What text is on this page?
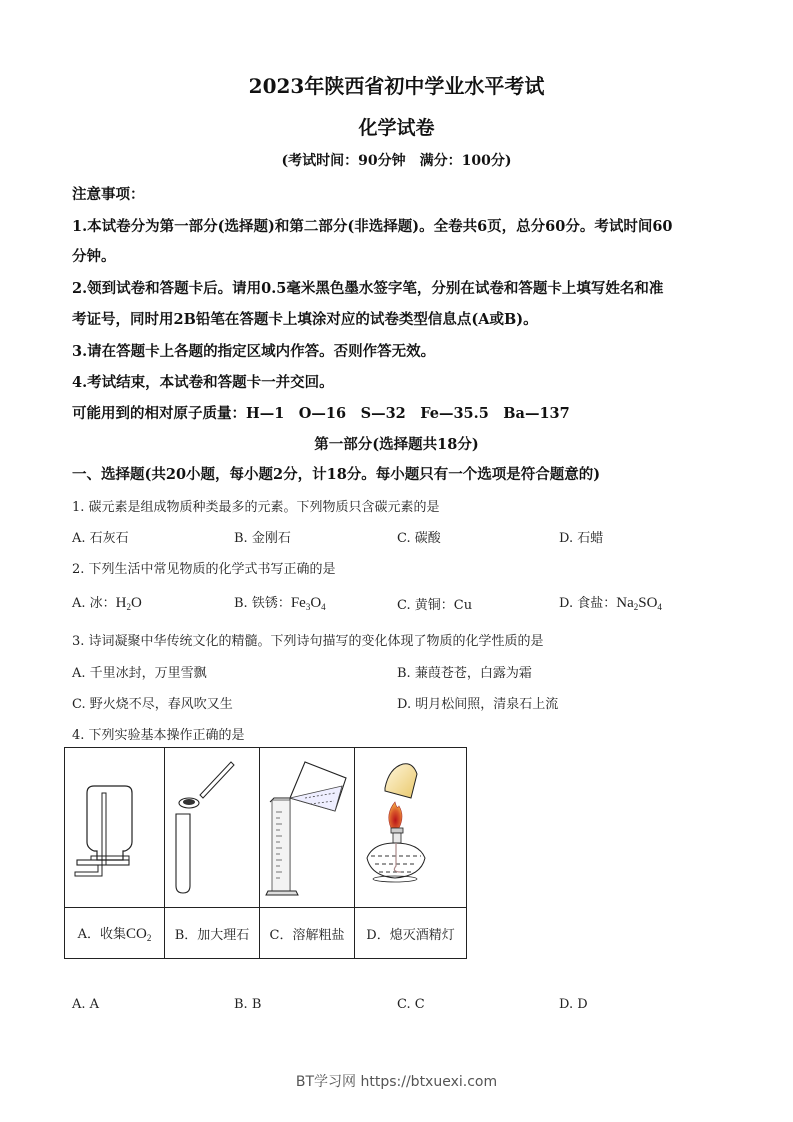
2023年陕西省初中学业水平考试
化学试卷
(考试时间：90分钟　满分：100分)
注意事项：
1.本试卷分为第一部分(选择题)和第二部分(非选择题)。全卷共6页，总分60分。考试时间60
分钟。
2.领到试卷和答题卡后。请用0.5毫米黑色墨水签字笔，分别在试卷和答题卡上填写姓名和准
考证号，同时用2B铅笔在答题卡上填涂对应的试卷类型信息点(A或B)。
3.请在答题卡上各题的指定区域内作答。否则作答无效。
4.考试结束，本试卷和答题卡一并交回。
可能用到的相对原子质量：H—1　O—16　S—32　Fe—35.5　Ba—137
第一部分(选择题共18分)
一、选择题(共20小题，每小题2分，计18分。每小题只有一个选项是符合题意的)
1. 碳元素是组成物质种类最多的元素。下列物质只含碳元素的是
A. 石灰石	B. 金刚石	C. 碳酸	D. 石蜡
2. 下列生活中常见物质的化学式书写正确的是
A. 冰：$H_2O$	B. 铁锈：$Fe_3O_4$	C. 黄铜：Cu	D. 食盐：$Na_2SO_4$
3. 诗词凝聚中华传统文化的精髓。下列诗句描写的变化体现了物质的化学性质的是
A. 千里冰封，万里雪飘	B. 蒹葭苍苍，白露为霜
C. 野火烧不尽，春风吹又生	D. 明月松间照，清泉石上流
4. 下列实验基本操作正确的是

A．收集$CO_2$	B．加大理石	C．溶解粗盐	D．熄灭酒精灯
A. A	B. B	C. C	D. D
BT学习网 https://btxuexi.com
